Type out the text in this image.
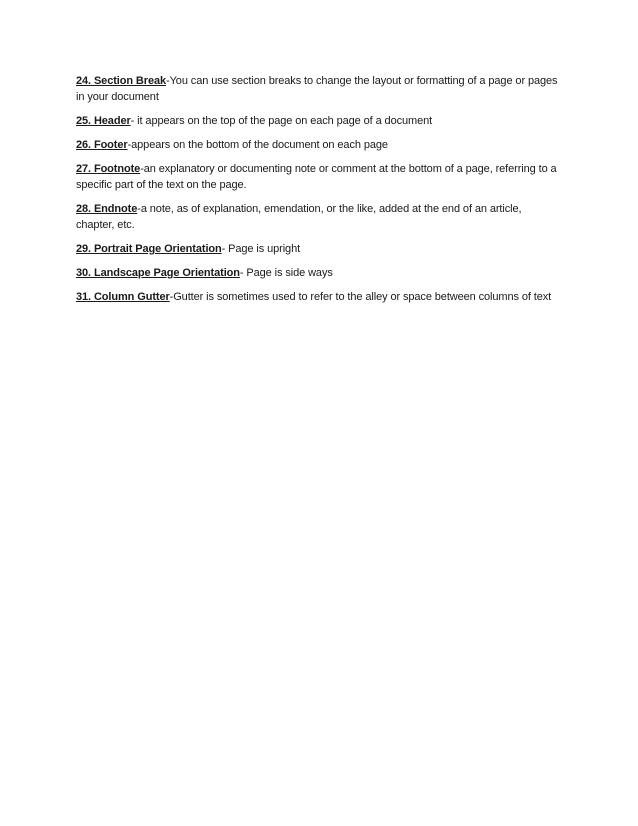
24. Section Break-You can use section breaks to change the layout or formatting of a page or pages in your document

25. Header- it appears on the top of the page on each page of a document

26. Footer-appears on the bottom of the document on each page

27. Footnote-an explanatory or documenting note or comment at the bottom of a page, referring to a specific part of the text on the page.

28. Endnote-a note, as of explanation, emendation, or the like, added at the end of an article, chapter, etc.

29. Portrait Page Orientation- Page is upright

30. Landscape Page Orientation- Page is side ways

31. Column Gutter-Gutter is sometimes used to refer to the alley or space between columns of text
